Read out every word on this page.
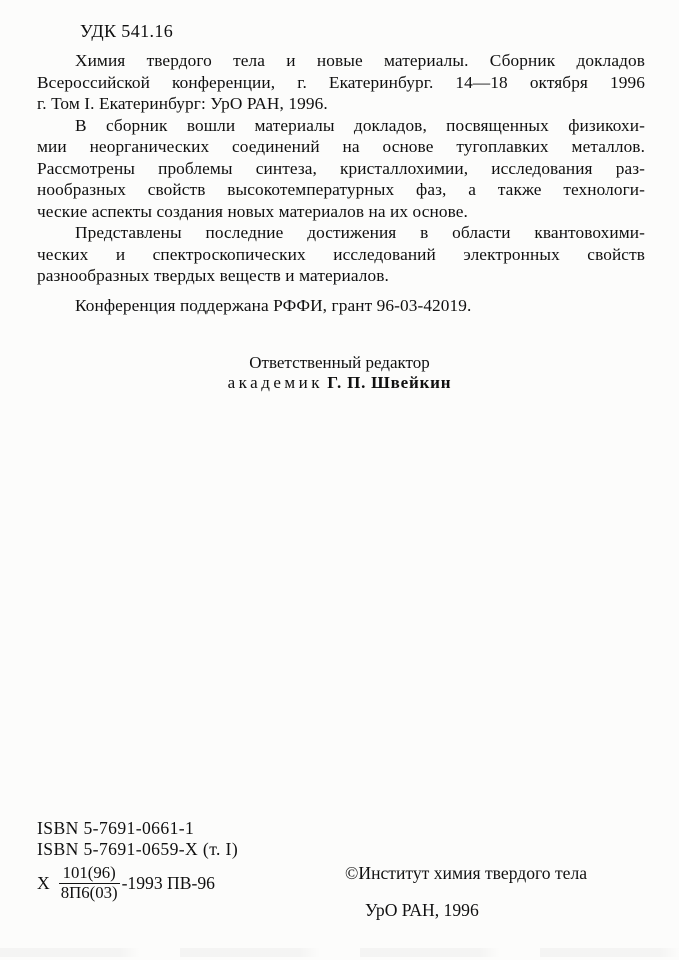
УДК 541.16
Химия твердого тела и новые материалы. Сборник докладов
Всероссийской конференции, г. Екатеринбург. 14—18 октября 1996
г. Том I. Екатеринбург: УрО РАН, 1996.
В сборник вошли материалы докладов, посвященных физикохи-
мии неорганических соединений на основе тугоплавких металлов.
Рассмотрены проблемы синтеза, кристаллохимии, исследования раз-
нообразных свойств высокотемпературных фаз, а также технологи-
ческие аспекты создания новых материалов на их основе.
Представлены последние достижения в области квантовохими-
ческих и спектроскопических исследований электронных свойств
разнообразных твердых веществ и материалов.
Конференция поддержана РФФИ, грант 96-03-42019.
Ответственный редактор
академик Г. П. Швейкин
ISBN 5-7691-0661-1
ISBN 5-7691-0659-X (т. I)
Х $\frac{101(96)}{8П6(03)} -1993$ ПВ-96	©Институт химия твердого тела
УрО РАН, 1996
